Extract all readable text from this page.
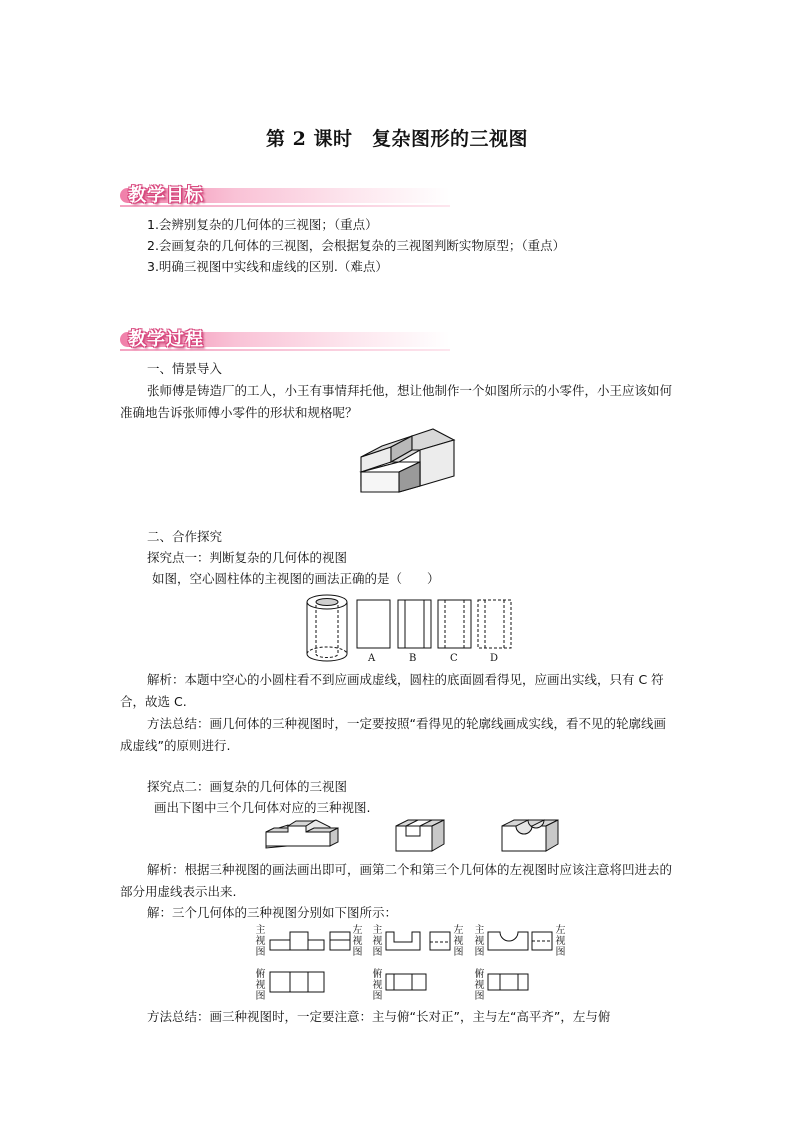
第 2 课时　复杂图形的三视图
教学目标
1.会辨别复杂的几何体的三视图；（重点）
2.会画复杂的几何体的三视图，会根据复杂的三视图判断实物原型；（重点）
3.明确三视图中实线和虚线的区别.（难点）
教学过程
一、情景导入
张师傅是铸造厂的工人，小王有事情拜托他，想让他制作一个如图所示的小零件，小王应该如何准确地告诉张师傅小零件的形状和规格呢？
二、合作探究
探究点一：判断复杂的几何体的视图
如图，空心圆柱体的主视图的画法正确的是（　　）
A	B	C	D
解析：本题中空心的小圆柱看不到应画成虚线，圆柱的底面圆看得见，应画出实线，只有 C 符合，故选 C.
方法总结：画几何体的三种视图时，一定要按照“看得见的轮廓线画成实线，看不见的轮廓线画成虚线”的原则进行.
探究点二：画复杂的几何体的三视图
画出下图中三个几何体对应的三种视图.
解析：根据三种视图的画法画出即可，画第二个和第三个几何体的左视图时应该注意将凹进去的部分用虚线表示出来.
解：三个几何体的三种视图分别如下图所示：
主视图
左视图
俯视图
主视图
左视图
俯视图
主视图
左视图
俯视图
方法总结：画三种视图时，一定要注意：主与俯“长对正”，主与左“高平齐”，左与俯
